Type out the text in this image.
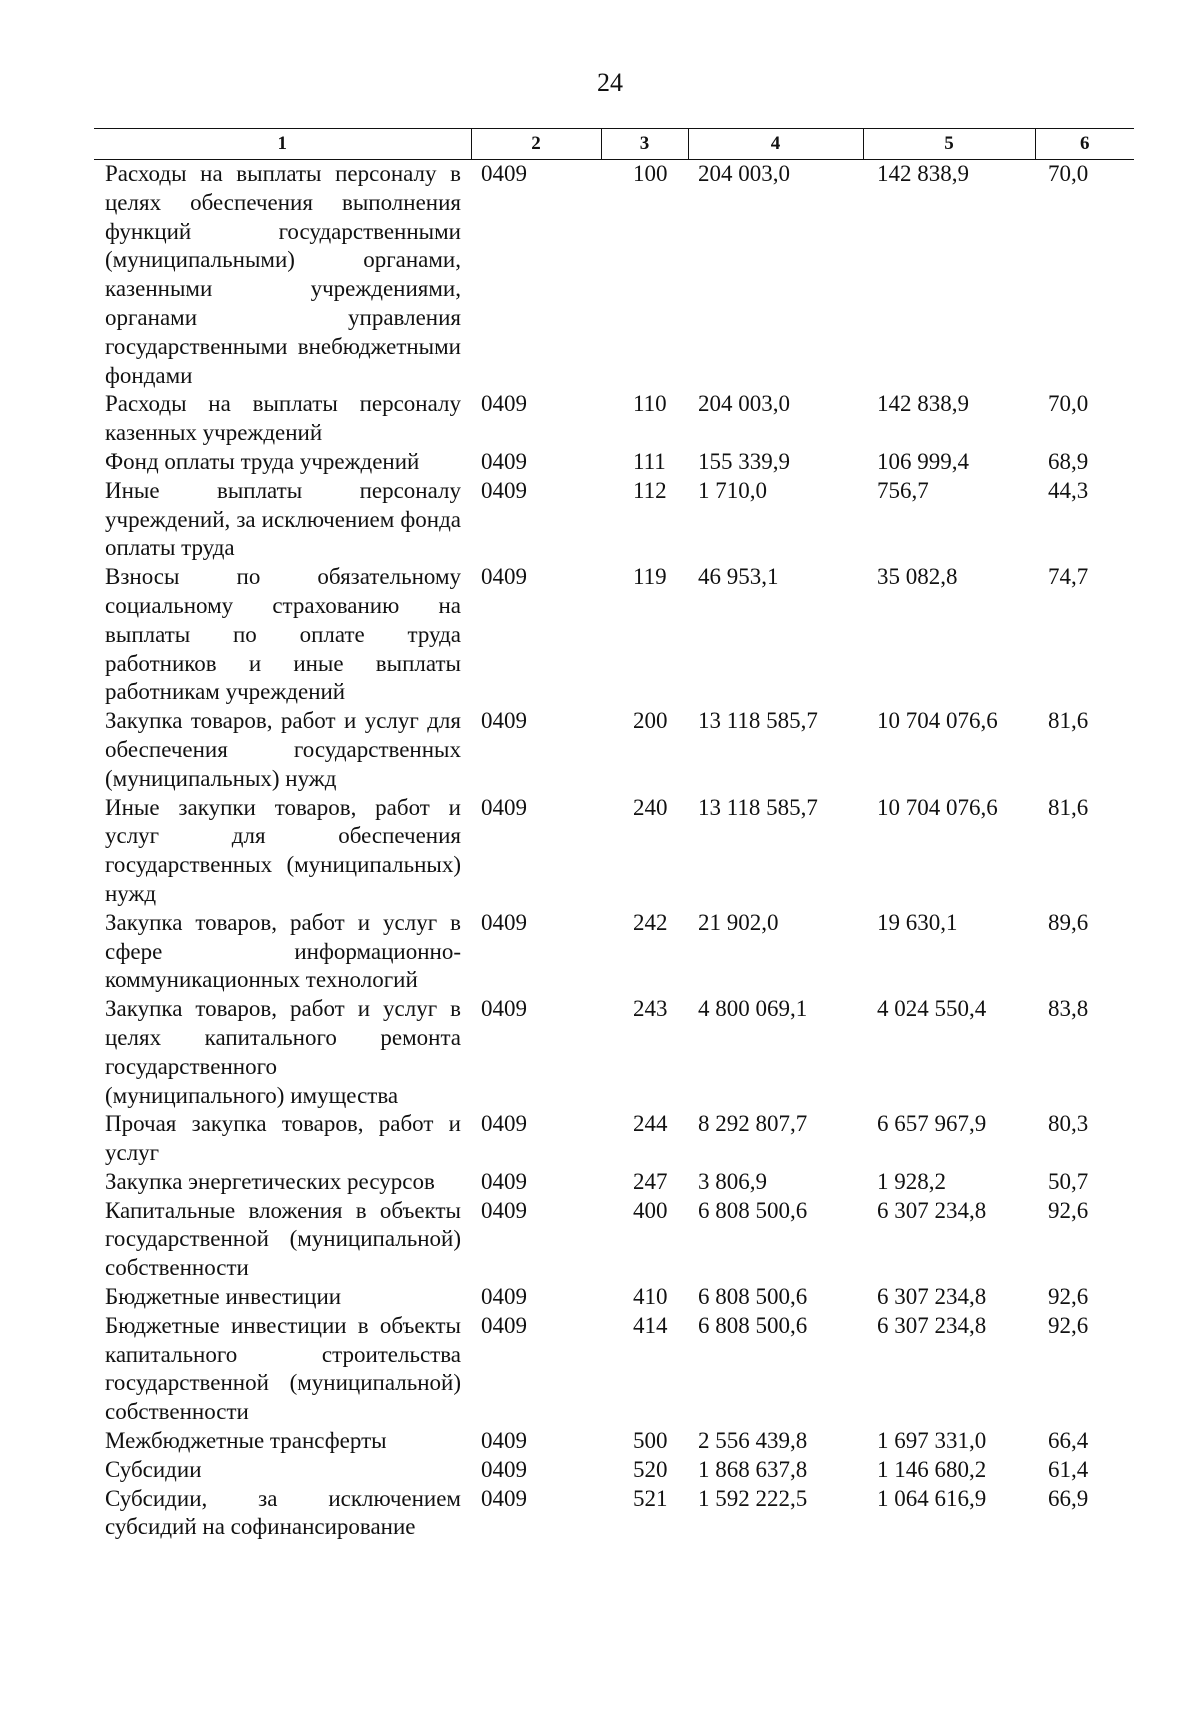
24
1	2	3	4	5	6
Расходы на выплаты персоналу в целях обеспечения выполнения функций государственными (муниципальными) органами, казенными учреждениями, органами управления государственными внебюджетными фондами	0409	100	204 003,0	142 838,9	70,0
Расходы на выплаты персоналу казенных учреждений	0409	110	204 003,0	142 838,9	70,0
Фонд оплаты труда учреждений	0409	111	155 339,9	106 999,4	68,9
Иные выплаты персоналу учреждений, за исключением фонда оплаты труда	0409	112	1 710,0	756,7	44,3
Взносы по обязательному социальному страхованию на выплаты по оплате труда работников и иные выплаты работникам учреждений	0409	119	46 953,1	35 082,8	74,7
Закупка товаров, работ и услуг для обеспечения государственных (муниципальных) нужд	0409	200	13 118 585,7	10 704 076,6	81,6
Иные закупки товаров, работ и услуг для обеспечения государственных (муниципальных) нужд	0409	240	13 118 585,7	10 704 076,6	81,6
Закупка товаров, работ и услуг в сфере информационно-коммуникационных технологий	0409	242	21 902,0	19 630,1	89,6
Закупка товаров, работ и услуг в целях капитального ремонта государственного (муниципального) имущества	0409	243	4 800 069,1	4 024 550,4	83,8
Прочая закупка товаров, работ и услуг	0409	244	8 292 807,7	6 657 967,9	80,3
Закупка энергетических ресурсов	0409	247	3 806,9	1 928,2	50,7
Капитальные вложения в объекты государственной (муниципальной) собственности	0409	400	6 808 500,6	6 307 234,8	92,6
Бюджетные инвестиции	0409	410	6 808 500,6	6 307 234,8	92,6
Бюджетные инвестиции в объекты капитального строительства государственной (муниципальной) собственности	0409	414	6 808 500,6	6 307 234,8	92,6
Межбюджетные трансферты	0409	500	2 556 439,8	1 697 331,0	66,4
Субсидии	0409	520	1 868 637,8	1 146 680,2	61,4
Субсидии, за исключением субсидий на софинансирование	0409	521	1 592 222,5	1 064 616,9	66,9
